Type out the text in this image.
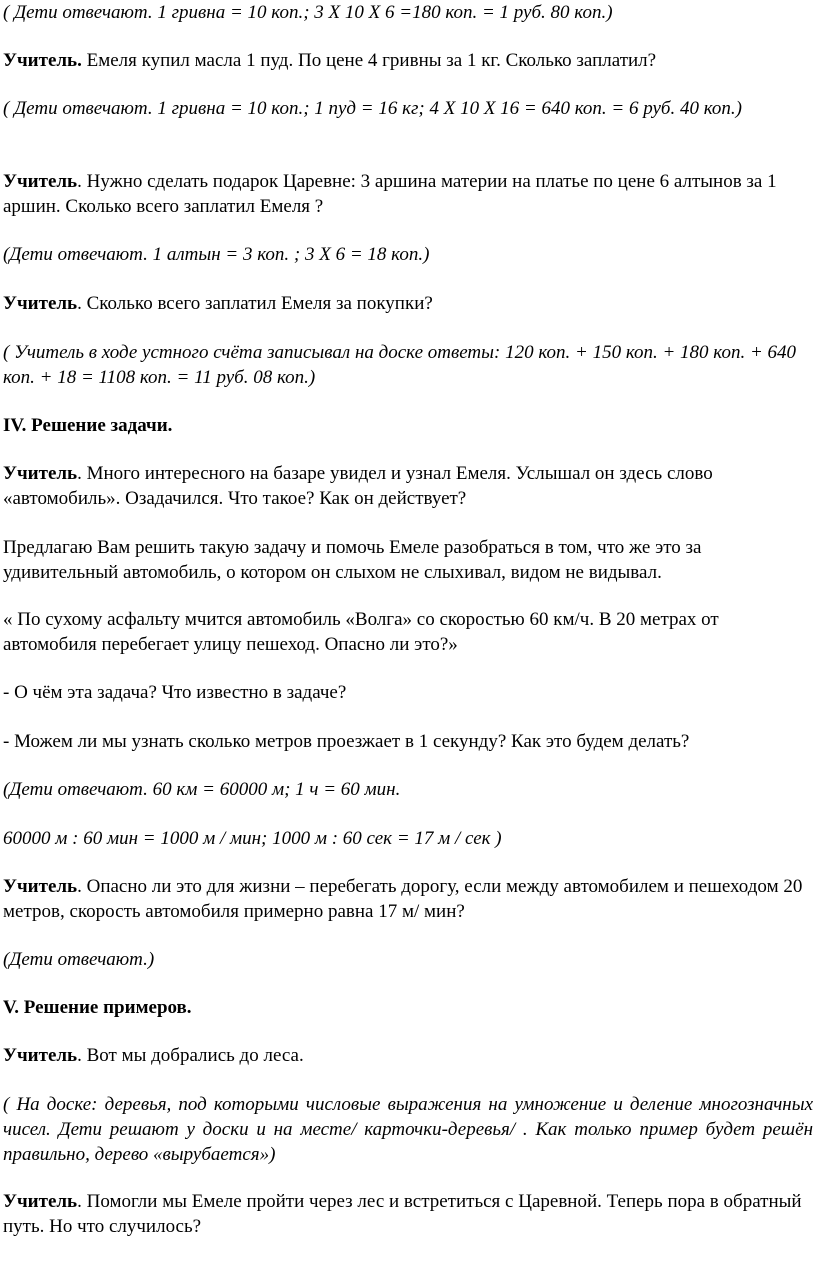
( Дети отвечают. 1 гривна = 10 коп.; 3 Х 10 Х 6 =180 коп. = 1 руб. 80 коп.)

Учитель. Емеля купил масла 1 пуд. По цене 4 гривны за 1 кг. Сколько заплатил?

( Дети отвечают. 1 гривна = 10 коп.; 1 пуд = 16 кг; 4 Х 10 Х 16 = 640 коп. = 6 руб. 40 коп.)

Учитель. Нужно сделать подарок Царевне: 3 аршина материи на платье по цене 6 алтынов за 1 аршин. Сколько всего заплатил Емеля ?

(Дети отвечают. 1 алтын = 3 коп. ; 3 Х 6 = 18 коп.)

Учитель. Сколько всего заплатил Емеля за покупки?

( Учитель в ходе устного счёта записывал на доске ответы: 120 коп. + 150 коп. + 180 коп. + 640 коп. + 18 = 1108 коп. = 11 руб. 08 коп.)

IV. Решение задачи.

Учитель. Много интересного на базаре увидел и узнал Емеля. Услышал он здесь слово «автомобиль». Озадачился. Что такое? Как он действует?

Предлагаю Вам решить такую задачу и помочь Емеле разобраться в том, что же это за удивительный автомобиль, о котором он слыхом не слыхивал, видом не видывал.

« По сухому асфальту мчится автомобиль «Волга» со скоростью 60 км/ч. В 20 метрах от автомобиля перебегает улицу пешеход. Опасно ли это?»

- О чём эта задача? Что известно в задаче?

- Можем ли мы узнать сколько метров проезжает в 1 секунду? Как это будем делать?

(Дети отвечают. 60 км = 60000 м; 1 ч = 60 мин.

60000 м : 60 мин = 1000 м / мин; 1000 м : 60 сек = 17 м / сек )

Учитель. Опасно ли это для жизни – перебегать дорогу, если между автомобилем и пешеходом 20 метров, скорость автомобиля примерно равна 17 м/ мин?

(Дети отвечают.)

V. Решение примеров.

Учитель. Вот мы добрались до леса.

( На доске: деревья, под которыми числовые выражения на умножение и деление многозначных чисел. Дети решают у доски и на месте/ карточки-деревья/ . Как только пример будет решён правильно, дерево «вырубается»)

Учитель. Помогли мы Емеле пройти через лес и встретиться с Царевной. Теперь пора в обратный путь. Но что случилось?
